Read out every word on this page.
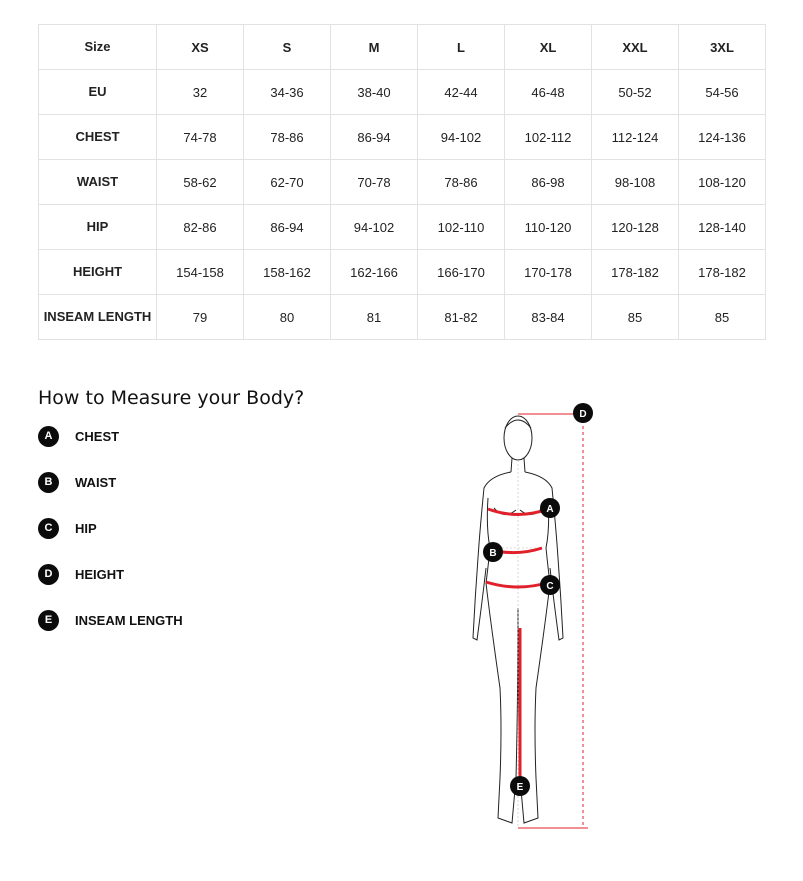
Size	XS	S	M	L	XL	XXL	3XL
EU	32	34-36	38-40	42-44	46-48	50-52	54-56
CHEST	74-78	78-86	86-94	94-102	102-112	112-124	124-136
WAIST	58-62	62-70	70-78	78-86	86-98	98-108	108-120
HIP	82-86	86-94	94-102	102-110	110-120	120-128	128-140
HEIGHT	154-158	158-162	162-166	166-170	170-178	178-182	178-182
INSEAM LENGTH	79	80	81	81-82	83-84	85	85
How to Measure your Body?
A	CHEST
B	WAIST
C	HIP
D	HEIGHT
E	INSEAM LENGTH
A
B
C
D
E
